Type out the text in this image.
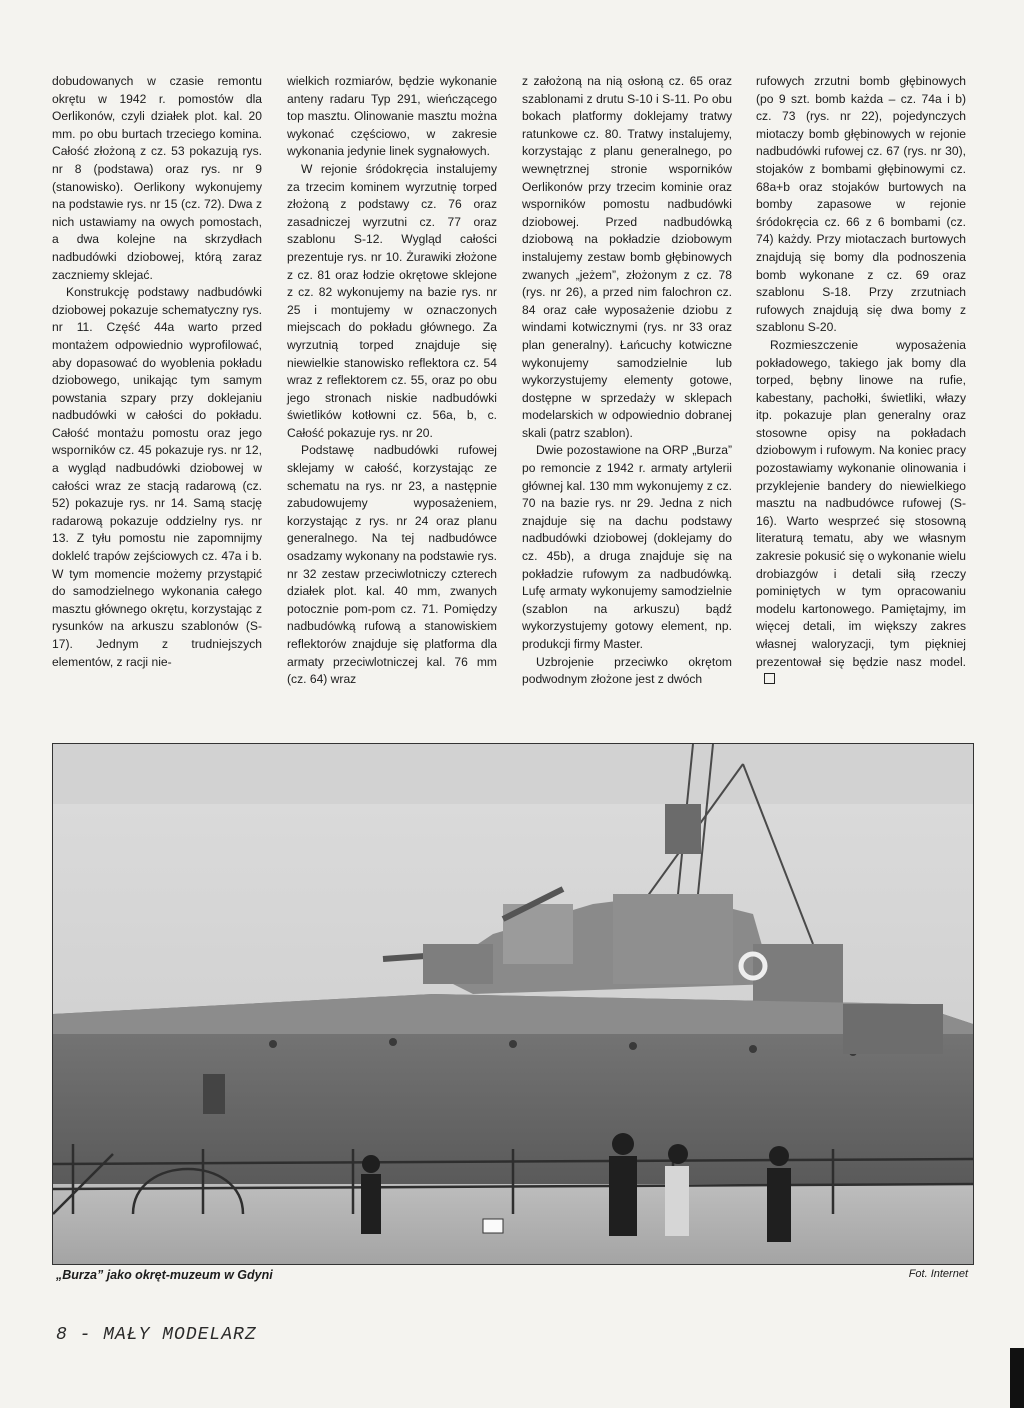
dobudowanych w czasie remontu okrętu w 1942 r. pomostów dla Oerlikonów, czyli działek plot. kal. 20 mm. po obu burtach trzeciego komina. Całość złożoną z cz. 53 pokazują rys. nr 8 (podstawa) oraz rys. nr 9 (stanowisko). Oerlikony wykonujemy na podstawie rys. nr 15 (cz. 72). Dwa z nich ustawiamy na owych pomostach, a dwa kolejne na skrzydłach nadbudówki dziobowej, którą zaraz zaczniemy sklejać.

Konstrukcję podstawy nadbudówki dziobowej pokazuje schematyczny rys. nr 11. Część 44a warto przed montażem odpowiednio wyprofilować, aby dopasować do wyoblenia pokładu dziobowego, unikając tym samym powstania szpary przy doklejaniu nadbudówki w całości do pokładu. Całość montażu pomostu oraz jego wsporników cz. 45 pokazuje rys. nr 12, a wygląd nadbudówki dziobowej w całości wraz ze stacją radarową (cz. 52) pokazuje rys. nr 14. Samą stację radarową pokazuje oddzielny rys. nr 13. Z tyłu pomostu nie zapomnijmy doklelć trapów zejściowych cz. 47a i b. W tym momencie możemy przystąpić do samodzielnego wykonania całego masztu głównego okrętu, korzystając z rysunków na arkuszu szablonów (S-17). Jednym z trudniejszych elementów, z racji nie-

wielkich rozmiarów, będzie wykonanie anteny radaru Typ 291, wieńczącego top masztu. Olinowanie masztu można wykonać częściowo, w zakresie wykonania jedynie linek sygnałowych.

W rejonie śródokręcia instalujemy za trzecim kominem wyrzutnię torped złożoną z podstawy cz. 76 oraz zasadniczej wyrzutni cz. 77 oraz szablonu S-12. Wygląd całości prezentuje rys. nr 10. Żurawiki złożone z cz. 81 oraz łodzie okrętowe sklejone z cz. 82 wykonujemy na bazie rys. nr 25 i montujemy w oznaczonych miejscach do pokładu głównego. Za wyrzutnią torped znajduje się niewielkie stanowisko reflektora cz. 54 wraz z reflektorem cz. 55, oraz po obu jego stronach niskie nadbudówki świetlików kotłowni cz. 56a, b, c. Całość pokazuje rys. nr 20.

Podstawę nadbudówki rufowej sklejamy w całość, korzystając ze schematu na rys. nr 23, a następnie zabudowujemy wyposażeniem, korzystając z rys. nr 24 oraz planu generalnego. Na tej nadbudówce osadzamy wykonany na podstawie rys. nr 32 zestaw przeciwlotniczy czterech działek plot. kal. 40 mm, zwanych potocznie pom-pom cz. 71. Pomiędzy nadbudówką rufową a stanowiskiem reflektorów znajduje się platforma dla armaty przeciwlotniczej kal. 76 mm (cz. 64) wraz

z założoną na nią osłoną cz. 65 oraz szablonami z drutu S-10 i S-11. Po obu bokach platformy doklejamy tratwy ratunkowe cz. 80. Tratwy instalujemy, korzystając z planu generalnego, po wewnętrznej stronie wsporników Oerlikonów przy trzecim kominie oraz wsporników pomostu nadbudówki dziobowej. Przed nadbudówką dziobową na pokładzie dziobowym instalujemy zestaw bomb głębinowych zwanych „jeżem”, złożonym z cz. 78 (rys. nr 26), a przed nim falochron cz. 84 oraz całe wyposażenie dziobu z windami kotwicznymi (rys. nr 33 oraz plan generalny). Łańcuchy kotwiczne wykonujemy samodzielnie lub wykorzystujemy elementy gotowe, dostępne w sprzedaży w sklepach modelarskich w odpowiednio dobranej skali (patrz szablon).

Dwie pozostawione na ORP „Burza” po remoncie z 1942 r. armaty artylerii głównej kal. 130 mm wykonujemy z cz. 70 na bazie rys. nr 29. Jedna z nich znajduje się na dachu podstawy nadbudówki dziobowej (doklejamy do cz. 45b), a druga znajduje się na pokładzie rufowym za nadbudówką. Lufę armaty wykonujemy samodzielnie (szablon na arkuszu) bądź wykorzystujemy gotowy element, np. produkcji firmy Master.

Uzbrojenie przeciwko okrętom podwodnym złożone jest z dwóch

rufowych zrzutni bomb głębinowych (po 9 szt. bomb każda – cz. 74a i b) cz. 73 (rys. nr 22), pojedynczych miotaczy bomb głębinowych w rejonie nadbudówki rufowej cz. 67 (rys. nr 30), stojaków z bombami głębinowymi cz. 68a+b oraz stojaków burtowych na bomby zapasowe w rejonie śródokręcia cz. 66 z 6 bombami (cz. 74) każdy. Przy miotaczach burtowych znajdują się bomy dla podnoszenia bomb wykonane z cz. 69 oraz szablonu S-18. Przy zrzutniach rufowych znajdują się dwa bomy z szablonu S-20.

Rozmieszczenie wyposażenia pokładowego, takiego jak bomy dla torped, bębny linowe na rufie, kabestany, pachołki, świetliki, włazy itp. pokazuje plan generalny oraz stosowne opisy na pokładach dziobowym i rufowym. Na koniec pracy pozostawiamy wykonanie olinowania i przyklejenie bandery do niewielkiego masztu na nadbudówce rufowej (S-16). Warto wesprzeć się stosowną literaturą tematu, aby we własnym zakresie pokusić się o wykonanie wielu drobiazgów i detali siłą rzeczy pominiętych w tym opracowaniu modelu kartonowego. Pamiętajmy, im więcej detali, im większy zakres własnej waloryzacji, tym piękniej prezentował się będzie nasz model.

„Burza” jako okręt-muzeum w Gdyni	Fot. Internet
8 - MAŁY MODELARZ
